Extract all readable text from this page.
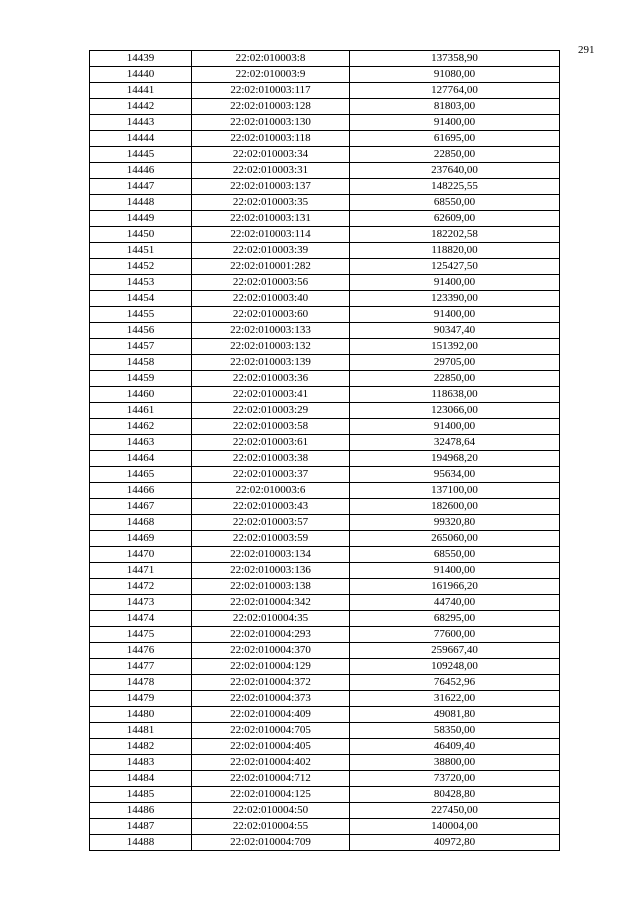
291
14439	22:02:010003:8	137358,90
14440	22:02:010003:9	91080,00
14441	22:02:010003:117	127764,00
14442	22:02:010003:128	81803,00
14443	22:02:010003:130	91400,00
14444	22:02:010003:118	61695,00
14445	22:02:010003:34	22850,00
14446	22:02:010003:31	237640,00
14447	22:02:010003:137	148225,55
14448	22:02:010003:35	68550,00
14449	22:02:010003:131	62609,00
14450	22:02:010003:114	182202,58
14451	22:02:010003:39	118820,00
14452	22:02:010001:282	125427,50
14453	22:02:010003:56	91400,00
14454	22:02:010003:40	123390,00
14455	22:02:010003:60	91400,00
14456	22:02:010003:133	90347,40
14457	22:02:010003:132	151392,00
14458	22:02:010003:139	29705,00
14459	22:02:010003:36	22850,00
14460	22:02:010003:41	118638,00
14461	22:02:010003:29	123066,00
14462	22:02:010003:58	91400,00
14463	22:02:010003:61	32478,64
14464	22:02:010003:38	194968,20
14465	22:02:010003:37	95634,00
14466	22:02:010003:6	137100,00
14467	22:02:010003:43	182600,00
14468	22:02:010003:57	99320,80
14469	22:02:010003:59	265060,00
14470	22:02:010003:134	68550,00
14471	22:02:010003:136	91400,00
14472	22:02:010003:138	161966,20
14473	22:02:010004:342	44740,00
14474	22:02:010004:35	68295,00
14475	22:02:010004:293	77600,00
14476	22:02:010004:370	259667,40
14477	22:02:010004:129	109248,00
14478	22:02:010004:372	76452,96
14479	22:02:010004:373	31622,00
14480	22:02:010004:409	49081,80
14481	22:02:010004:705	58350,00
14482	22:02:010004:405	46409,40
14483	22:02:010004:402	38800,00
14484	22:02:010004:712	73720,00
14485	22:02:010004:125	80428,80
14486	22:02:010004:50	227450,00
14487	22:02:010004:55	140004,00
14488	22:02:010004:709	40972,80
